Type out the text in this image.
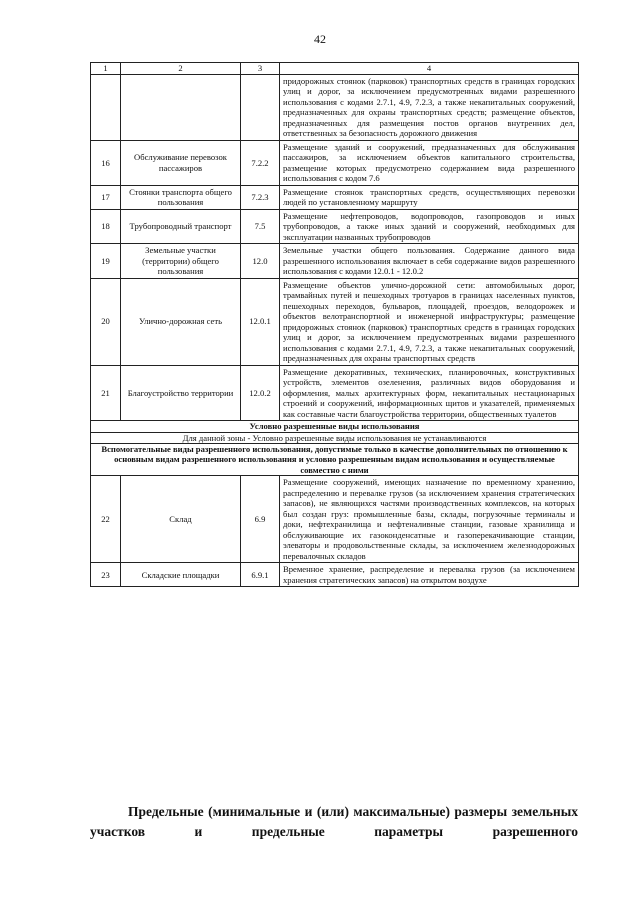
42
1	2	3	4
			придорожных стоянок (парковок) транспортных средств в границах городских улиц и дорог, за исключением предусмотренных видами разрешенного использования с кодами 2.7.1, 4.9, 7.2.3, а также некапитальных сооружений, предназначенных для охраны транспортных средств; размещение объектов, предназначенных для размещения постов органов внутренних дел, ответственных за безопасность дорожного движения
16	Обслуживание перевозок пассажиров	7.2.2	Размещение зданий и сооружений, предназначенных для обслуживания пассажиров, за исключением объектов капитального строительства, размещение которых предусмотрено содержанием вида разрешенного использования с кодом 7.6
17	Стоянки транспорта общего пользования	7.2.3	Размещение стоянок транспортных средств, осуществляющих перевозки людей по установленному маршруту
18	Трубопроводный транспорт	7.5	Размещение нефтепроводов, водопроводов, газопроводов и иных трубопроводов, а также иных зданий и сооружений, необходимых для эксплуатации названных трубопроводов
19	Земельные участки (территории) общего пользования	12.0	Земельные участки общего пользования. Содержание данного вида разрешенного использования включает в себя содержание видов разрешенного использования с кодами 12.0.1 - 12.0.2
20	Улично-дорожная сеть	12.0.1	Размещение объектов улично-дорожной сети: автомобильных дорог, трамвайных путей и пешеходных тротуаров в границах населенных пунктов, пешеходных переходов, бульваров, площадей, проездов, велодорожек и объектов велотранспортной и инженерной инфраструктуры; размещение придорожных стоянок (парковок) транспортных средств в границах городских улиц и дорог, за исключением предусмотренных видами разрешенного использования с кодами 2.7.1, 4.9, 7.2.3, а также некапитальных сооружений, предназначенных для охраны транспортных средств
21	Благоустройство территории	12.0.2	Размещение декоративных, технических, планировочных, конструктивных устройств, элементов озеленения, различных видов оборудования и оформления, малых архитектурных форм, некапитальных нестационарных строений и сооружений, информационных щитов и указателей, применяемых как составные части благоустройства территории, общественных туалетов
Условно разрешенные виды использования			
Для данной зоны - Условно разрешенные виды использования не устанавливаются			
Вспомогательные виды разрешенного использования, допустимые только в качестве дополнительных по отношению к основным видам разрешенного использования и условно разрешенным видам использования и осуществляемые совместно с ними			
22	Склад	6.9	Размещение сооружений, имеющих назначение по временному хранению, распределению и перевалке грузов (за исключением хранения стратегических запасов), не являющихся частями производственных комплексов, на которых был создан груз: промышленные базы, склады, погрузочные терминалы и доки, нефтехранилища и нефтеналивные станции, газовые хранилища и обслуживающие их газоконденсатные и газоперекачивающие станции, элеваторы и продовольственные склады, за исключением железнодорожных перевалочных складов
23	Складские площадки	6.9.1	Временное хранение, распределение и перевалка грузов (за исключением хранения стратегических запасов) на открытом воздухе
Предельные (минимальные и (или) максимальные) размеры земельных участков и предельные параметры разрешенного
